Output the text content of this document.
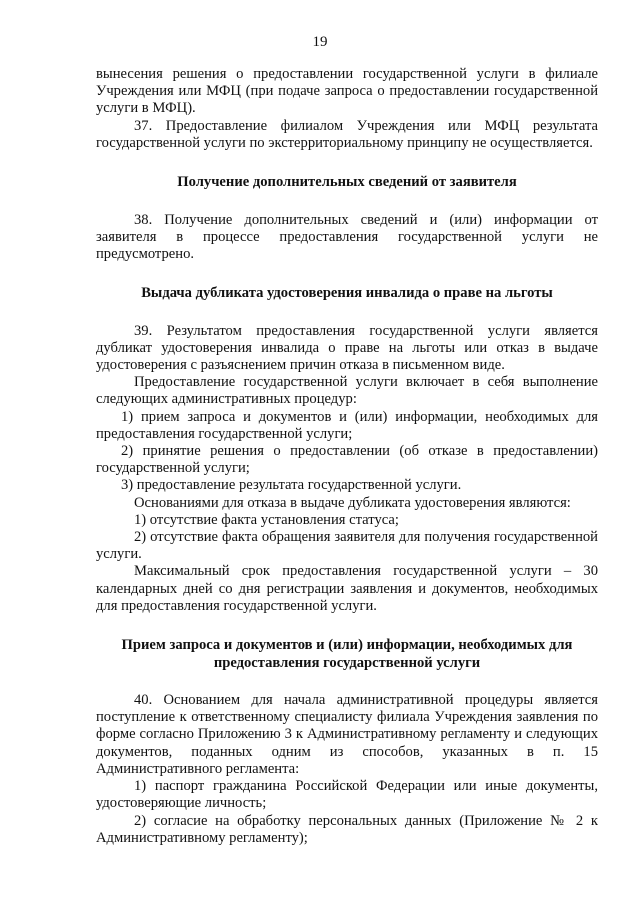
19

вынесения решения о предоставлении государственной услуги в филиале Учреждения или МФЦ (при подаче запроса о предоставлении государственной услуги в МФЦ).

37. Предоставление филиалом Учреждения или МФЦ результата государственной услуги по экстерриториальному принципу не осуществляется.

Получение дополнительных сведений от заявителя

38. Получение дополнительных сведений и (или) информации от заявителя в процессе предоставления государственной услуги не предусмотрено.

Выдача дубликата удостоверения инвалида о праве на льготы

39. Результатом предоставления государственной услуги является дубликат удостоверения инвалида о праве на льготы или отказ в выдаче удостоверения с разъяснением причин отказа в письменном виде.

Предоставление государственной услуги включает в себя выполнение следующих административных процедур:

1) прием запроса и документов и (или) информации, необходимых для предоставления государственной услуги;

2) принятие решения о предоставлении (об отказе в предоставлении) государственной услуги;

3) предоставление результата государственной услуги.

Основаниями для отказа в выдаче дубликата удостоверения являются:

1) отсутствие факта установления статуса;

2) отсутствие факта обращения заявителя для получения государственной услуги.

Максимальный срок предоставления государственной услуги – 30 календарных дней со дня регистрации заявления и документов, необходимых для предоставления государственной услуги.

Прием запроса и документов и (или) информации, необходимых для
предоставления государственной услуги

40. Основанием для начала административной процедуры является поступление к ответственному специалисту филиала Учреждения заявления по форме согласно Приложению 3 к Административному регламенту и следующих документов, поданных одним из способов, указанных в п. 15 Административного регламента:

1) паспорт гражданина Российской Федерации или иные документы, удостоверяющие личность;

2) согласие на обработку персональных данных (Приложение № 2 к Административному регламенту);
